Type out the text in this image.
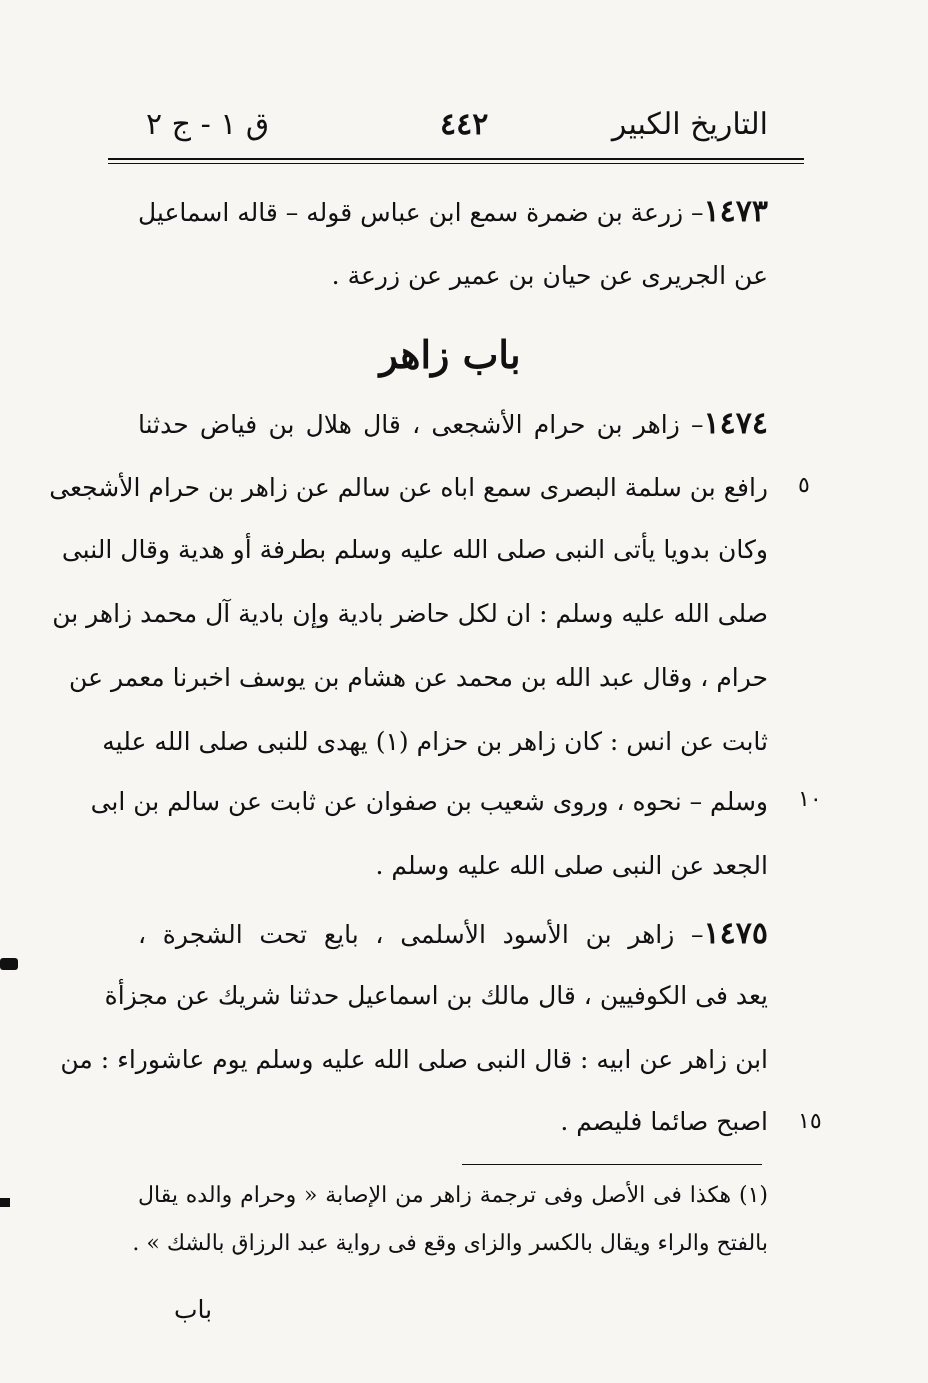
التاريخ الكبير
٤٤٢
ق ١ - ج ٢
١٤٧٣– زرعة بن ضمرة سمع ابن عباس قوله – قاله اسماعيل
عن الجريرى عن حيان بن عمير عن زرعة .
باب زاهر
١٤٧٤– زاهر بن حرام الأشجعى ، قال هلال بن فياض حدثنا
رافع بن سلمة البصرى سمع اباه عن سالم عن زاهر بن حرام الأشجعى
وكان بدويا يأتى النبى صلى الله عليه وسلم بطرفة أو هدية وقال النبى
صلى الله عليه وسلم : ان لكل حاضر بادية وإن بادية آل محمد زاهر بن
حرام ، وقال عبد الله بن محمد عن هشام بن يوسف اخبرنا معمر عن
ثابت عن انس : كان زاهر بن حزام (١) يهدى للنبى صلى الله عليه
وسلم – نحوه ، وروى شعيب بن صفوان عن ثابت عن سالم بن ابى
الجعد عن النبى صلى الله عليه وسلم .
١٤٧٥– زاهر بن الأسود الأسلمى ، بايع تحت الشجرة ،
يعد فى الكوفيين ، قال مالك بن اسماعيل حدثنا شريك عن مجزأة
ابن زاهر عن ابيه : قال النبى صلى الله عليه وسلم يوم عاشوراء : من
اصبح صائما فليصم .
٥
١٠
١٥
(١) هكذا فى الأصل وفى ترجمة زاهر من الإصابة « وحرام والده يقال
بالفتح والراء ويقال بالكسر والزاى وقع فى رواية عبد الرزاق بالشك » .
باب
